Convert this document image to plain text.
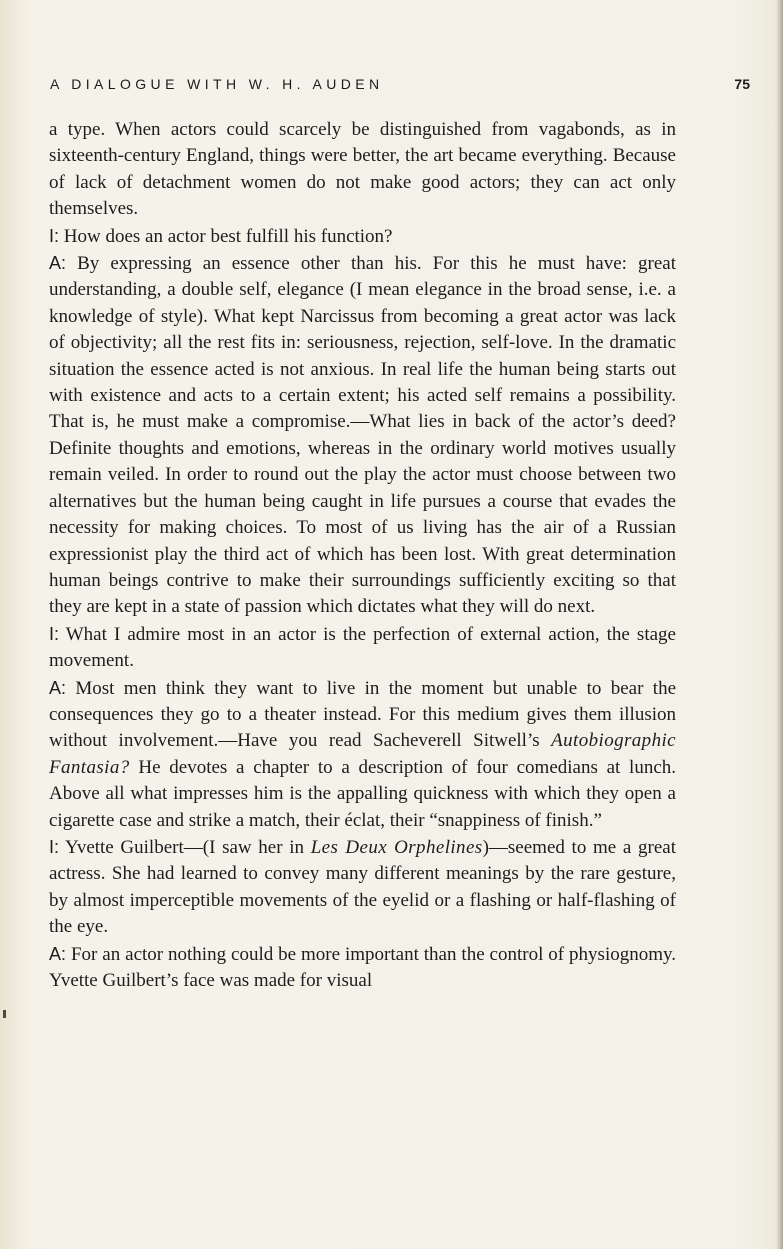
A DIALOGUE WITH W. H. AUDEN	75

a type. When actors could scarcely be distinguished from vagabonds, as in sixteenth-century England, things were better, the art became everything. Because of lack of detachment women do not make good actors; they can act only themselves.

I: How does an actor best fulfill his function?

A: By expressing an essence other than his. For this he must have: great understanding, a double self, elegance (I mean elegance in the broad sense, i.e. a knowledge of style). What kept Narcissus from becoming a great actor was lack of objectivity; all the rest fits in: seriousness, rejection, self-love. In the dramatic situation the essence acted is not anxious. In real life the human being starts out with existence and acts to a certain extent; his acted self remains a possibility. That is, he must make a compromise.—What lies in back of the actor’s deed? Definite thoughts and emotions, whereas in the ordinary world motives usually remain veiled. In order to round out the play the actor must choose between two alternatives but the human being caught in life pursues a course that evades the necessity for making choices. To most of us living has the air of a Russian expressionist play the third act of which has been lost. With great determination human beings contrive to make their surroundings sufficiently exciting so that they are kept in a state of passion which dictates what they will do next.

I: What I admire most in an actor is the perfection of external action, the stage movement.

A: Most men think they want to live in the moment but unable to bear the consequences they go to a theater instead. For this medium gives them illusion without involvement.—Have you read Sacheverell Sitwell’s Autobiographic Fantasia? He devotes a chapter to a description of four comedians at lunch. Above all what impresses him is the appalling quickness with which they open a cigarette case and strike a match, their éclat, their “snappiness of finish.”

I: Yvette Guilbert—(I saw her in Les Deux Orphelines)—seemed to me a great actress. She had learned to convey many different meanings by the rare gesture, by almost imperceptible movements of the eyelid or a flashing or half-flashing of the eye.

A: For an actor nothing could be more important than the control of physiognomy. Yvette Guilbert’s face was made for visual
